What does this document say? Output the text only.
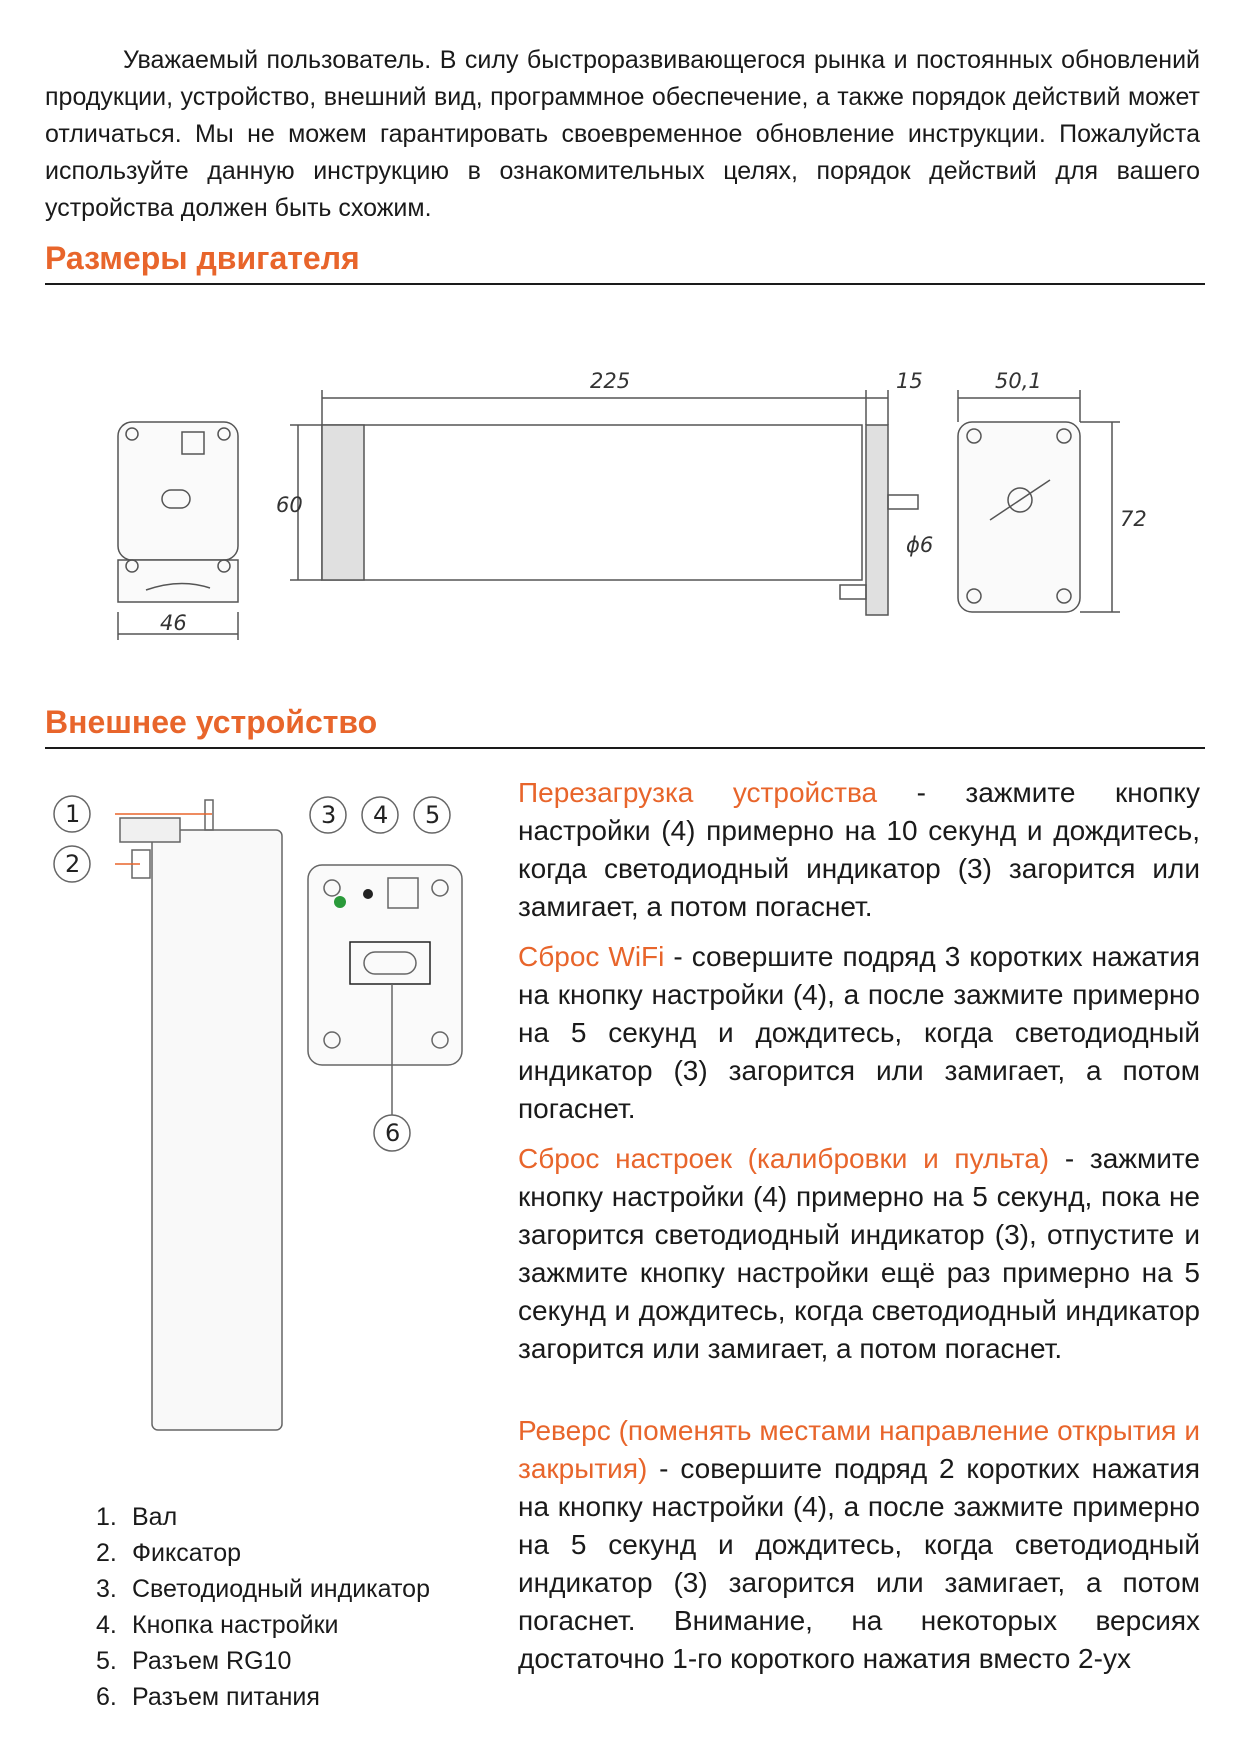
Уважаемый пользователь. В силу быстроразвивающегося рынка и постоянных обновлений продукции, устройство, внешний вид, программное обеспечение, а также порядок действий может отличаться. Мы не можем гарантировать своевременное обновление инструкции. Пожалуйста используйте данную инструкцию в ознакомительных целях, порядок действий для вашего устройства должен быть схожим.

Размеры двигателя
225	15	50,1
60
72
46
ϕ6
Внешнее устройство
1
2
3 4 5
6

Перезагрузка устройства - зажмите кнопку настройки (4) примерно на 10 секунд и дождитесь, когда светодиодный индикатор (3) загорится или замигает, а потом погаснет.

Сброс WiFi - совершите подряд 3 коротких нажатия на кнопку настройки (4), а после зажмите примерно на 5 секунд и дождитесь, когда светодиодный индикатор (3) загорится или замигает, а потом погаснет.

Сброс настроек (калибровки и пульта) - зажмите кнопку настройки (4) примерно на 5 секунд, пока не загорится светодиодный индикатор (3), отпустите и зажмите кнопку настройки ещё раз примерно на 5 секунд и дождитесь, когда светодиодный индикатор загорится или замигает, а потом погаснет.

Реверс (поменять местами направление открытия и закрытия) - совершите подряд 2 коротких нажатия на кнопку настройки (4), а после зажмите примерно на 5 секунд и дождитесь, когда светодиодный индикатор (3) загорится или замигает, а потом погаснет. Внимание, на некоторых версиях достаточно 1-го короткого нажатия вместо 2-ух

1. Вал
2. Фиксатор
3. Светодиодный индикатор
4. Кнопка настройки
5. Разъем RG10
6. Разъем питания
